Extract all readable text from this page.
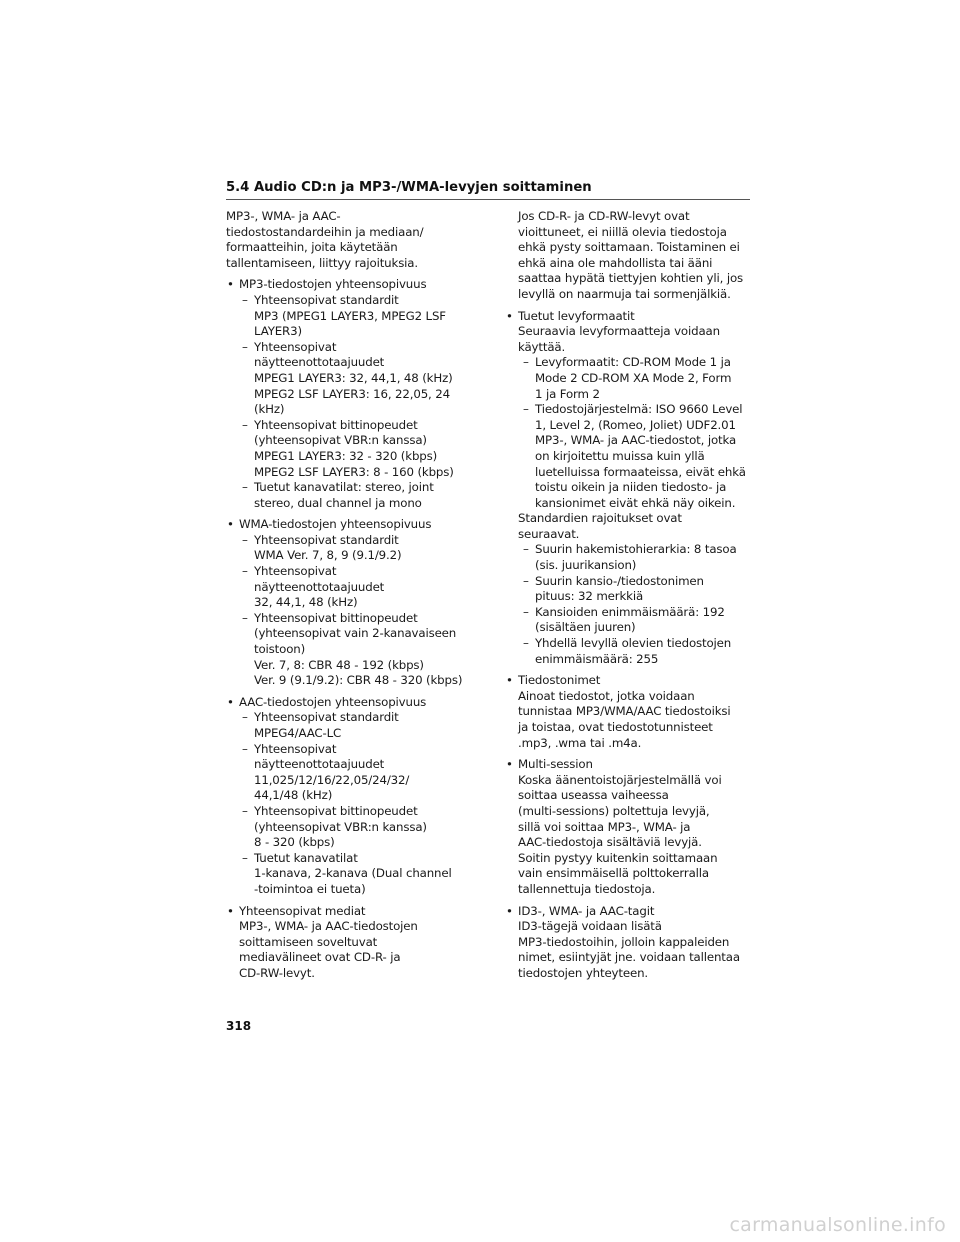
5.4 Audio CD:n ja MP3-/WMA-levyjen soittaminen

MP3-, WMA- ja AAC-
tiedostostandardeihin ja mediaan/
formaatteihin, joita käytetään
tallentamiseen, liittyy rajoituksia.

• MP3-tiedostojen yhteensopivuus

– Yhteensopivat standardit
MP3 (MPEG1 LAYER3, MPEG2 LSF
LAYER3)
– Yhteensopivat
näytteenottotaajuudet
MPEG1 LAYER3: 32, 44,1, 48 (kHz)
MPEG2 LSF LAYER3: 16, 22,05, 24
(kHz)
– Yhteensopivat bittinopeudet
(yhteensopivat VBR:n kanssa)
MPEG1 LAYER3: 32 - 320 (kbps)
MPEG2 LSF LAYER3: 8 - 160 (kbps)
– Tuetut kanavatilat: stereo, joint
stereo, dual channel ja mono

• WMA-tiedostojen yhteensopivuus

– Yhteensopivat standardit
WMA Ver. 7, 8, 9 (9.1/9.2)
– Yhteensopivat
näytteenottotaajuudet
32, 44,1, 48 (kHz)
– Yhteensopivat bittinopeudet
(yhteensopivat vain 2-kanavaiseen
toistoon)
Ver. 7, 8: CBR 48 - 192 (kbps)
Ver. 9 (9.1/9.2): CBR 48 - 320 (kbps)

• AAC-tiedostojen yhteensopivuus

– Yhteensopivat standardit
MPEG4/AAC-LC
– Yhteensopivat
näytteenottotaajuudet
11,025/12/16/22,05/24/32/
44,1/48 (kHz)
– Yhteensopivat bittinopeudet
(yhteensopivat VBR:n kanssa)
8 - 320 (kbps)
– Tuetut kanavatilat
1-kanava, 2-kanava (Dual channel
-toimintoa ei tueta)

• Yhteensopivat mediat

MP3-, WMA- ja AAC-tiedostojen
soittamiseen soveltuvat
mediavälineet ovat CD-R- ja
CD-RW-levyt.

Jos CD-R- ja CD-RW-levyt ovat
vioittuneet, ei niillä olevia tiedostoja
ehkä pysty soittamaan. Toistaminen ei
ehkä aina ole mahdollista tai ääni
saattaa hypätä tiettyjen kohtien yli, jos
levyllä on naarmuja tai sormenjälkiä.

• Tuetut levyformaatit

Seuraavia levyformaatteja voidaan
käyttää.

– Levyformaatit: CD-ROM Mode 1 ja
Mode 2 CD-ROM XA Mode 2, Form
1 ja Form 2
– Tiedostojärjestelmä: ISO 9660 Level
1, Level 2, (Romeo, Joliet) UDF2.01
MP3-, WMA- ja AAC-tiedostot, jotka
on kirjoitettu muissa kuin yllä
luetelluissa formaateissa, eivät ehkä
toistu oikein ja niiden tiedosto- ja
kansionimet eivät ehkä näy oikein.

Standardien rajoitukset ovat
seuraavat.

– Suurin hakemistohierarkia: 8 tasoa
(sis. juurikansion)
– Suurin kansio-/tiedostonimen
pituus: 32 merkkiä
– Kansioiden enimmäismäärä: 192
(sisältäen juuren)
– Yhdellä levyllä olevien tiedostojen
enimmäismäärä: 255

• Tiedostonimet

Ainoat tiedostot, jotka voidaan
tunnistaa MP3/WMA/AAC tiedostoiksi
ja toistaa, ovat tiedostotunnisteet
.mp3, .wma tai .m4a.

• Multi-session

Koska äänentoistojärjestelmällä voi
soittaa useassa vaiheessa
(multi-sessions) poltettuja levyjä,
sillä voi soittaa MP3-, WMA- ja
AAC-tiedostoja sisältäviä levyjä.
Soitin pystyy kuitenkin soittamaan
vain ensimmäisellä polttokerralla
tallennettuja tiedostoja.

• ID3-, WMA- ja AAC-tagit

ID3-tägejä voidaan lisätä
MP3-tiedostoihin, jolloin kappaleiden
nimet, esiintyjät jne. voidaan tallentaa
tiedostojen yhteyteen.

318

carmanualsonline.info
